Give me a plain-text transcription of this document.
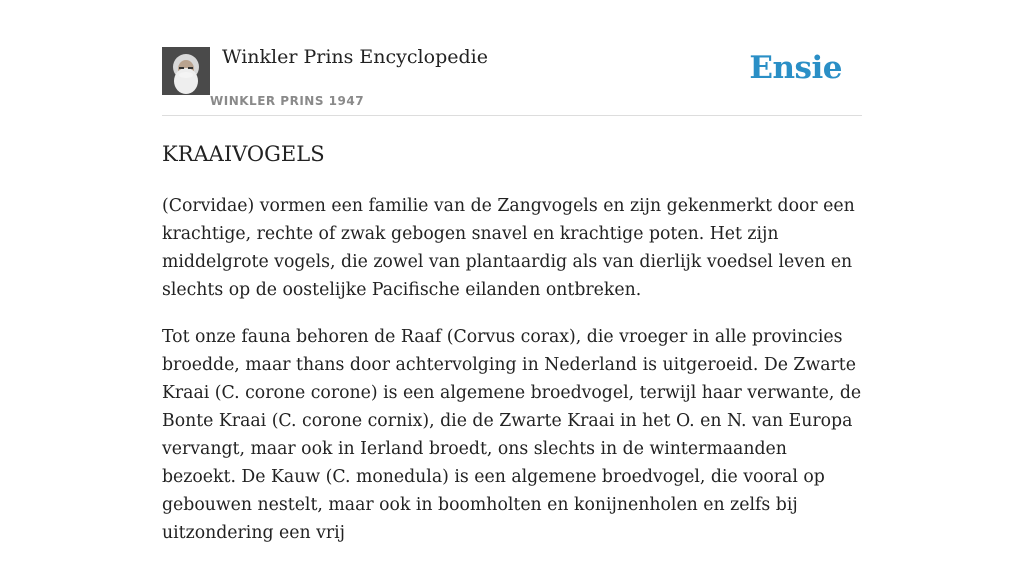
Winkler Prins Encyclopedie
WINKLER PRINS 1947
Ensie
KRAAIVOGELS

(Corvidae) vormen een familie van de Zangvogels en zijn gekenmerkt door een krachtige, rechte of zwak gebogen snavel en krachtige poten. Het zijn middelgrote vogels, die zowel van plantaardig als van dierlijk voedsel leven en slechts op de oostelijke Pacifische eilanden ontbreken.

Tot onze fauna behoren de Raaf (Corvus corax), die vroeger in alle provincies broedde, maar thans door achtervolging in Nederland is uitgeroeid. De Zwarte Kraai (C. corone corone) is een algemene broedvogel, terwijl haar verwante, de Bonte Kraai (C. corone cornix), die de Zwarte Kraai in het O. en N. van Europa vervangt, maar ook in Ierland broedt, ons slechts in de wintermaanden bezoekt. De Kauw (C. monedula) is een algemene broedvogel, die vooral op gebouwen nestelt, maar ook in boomholten en konijnenholen en zelfs bij uitzondering een vrij
